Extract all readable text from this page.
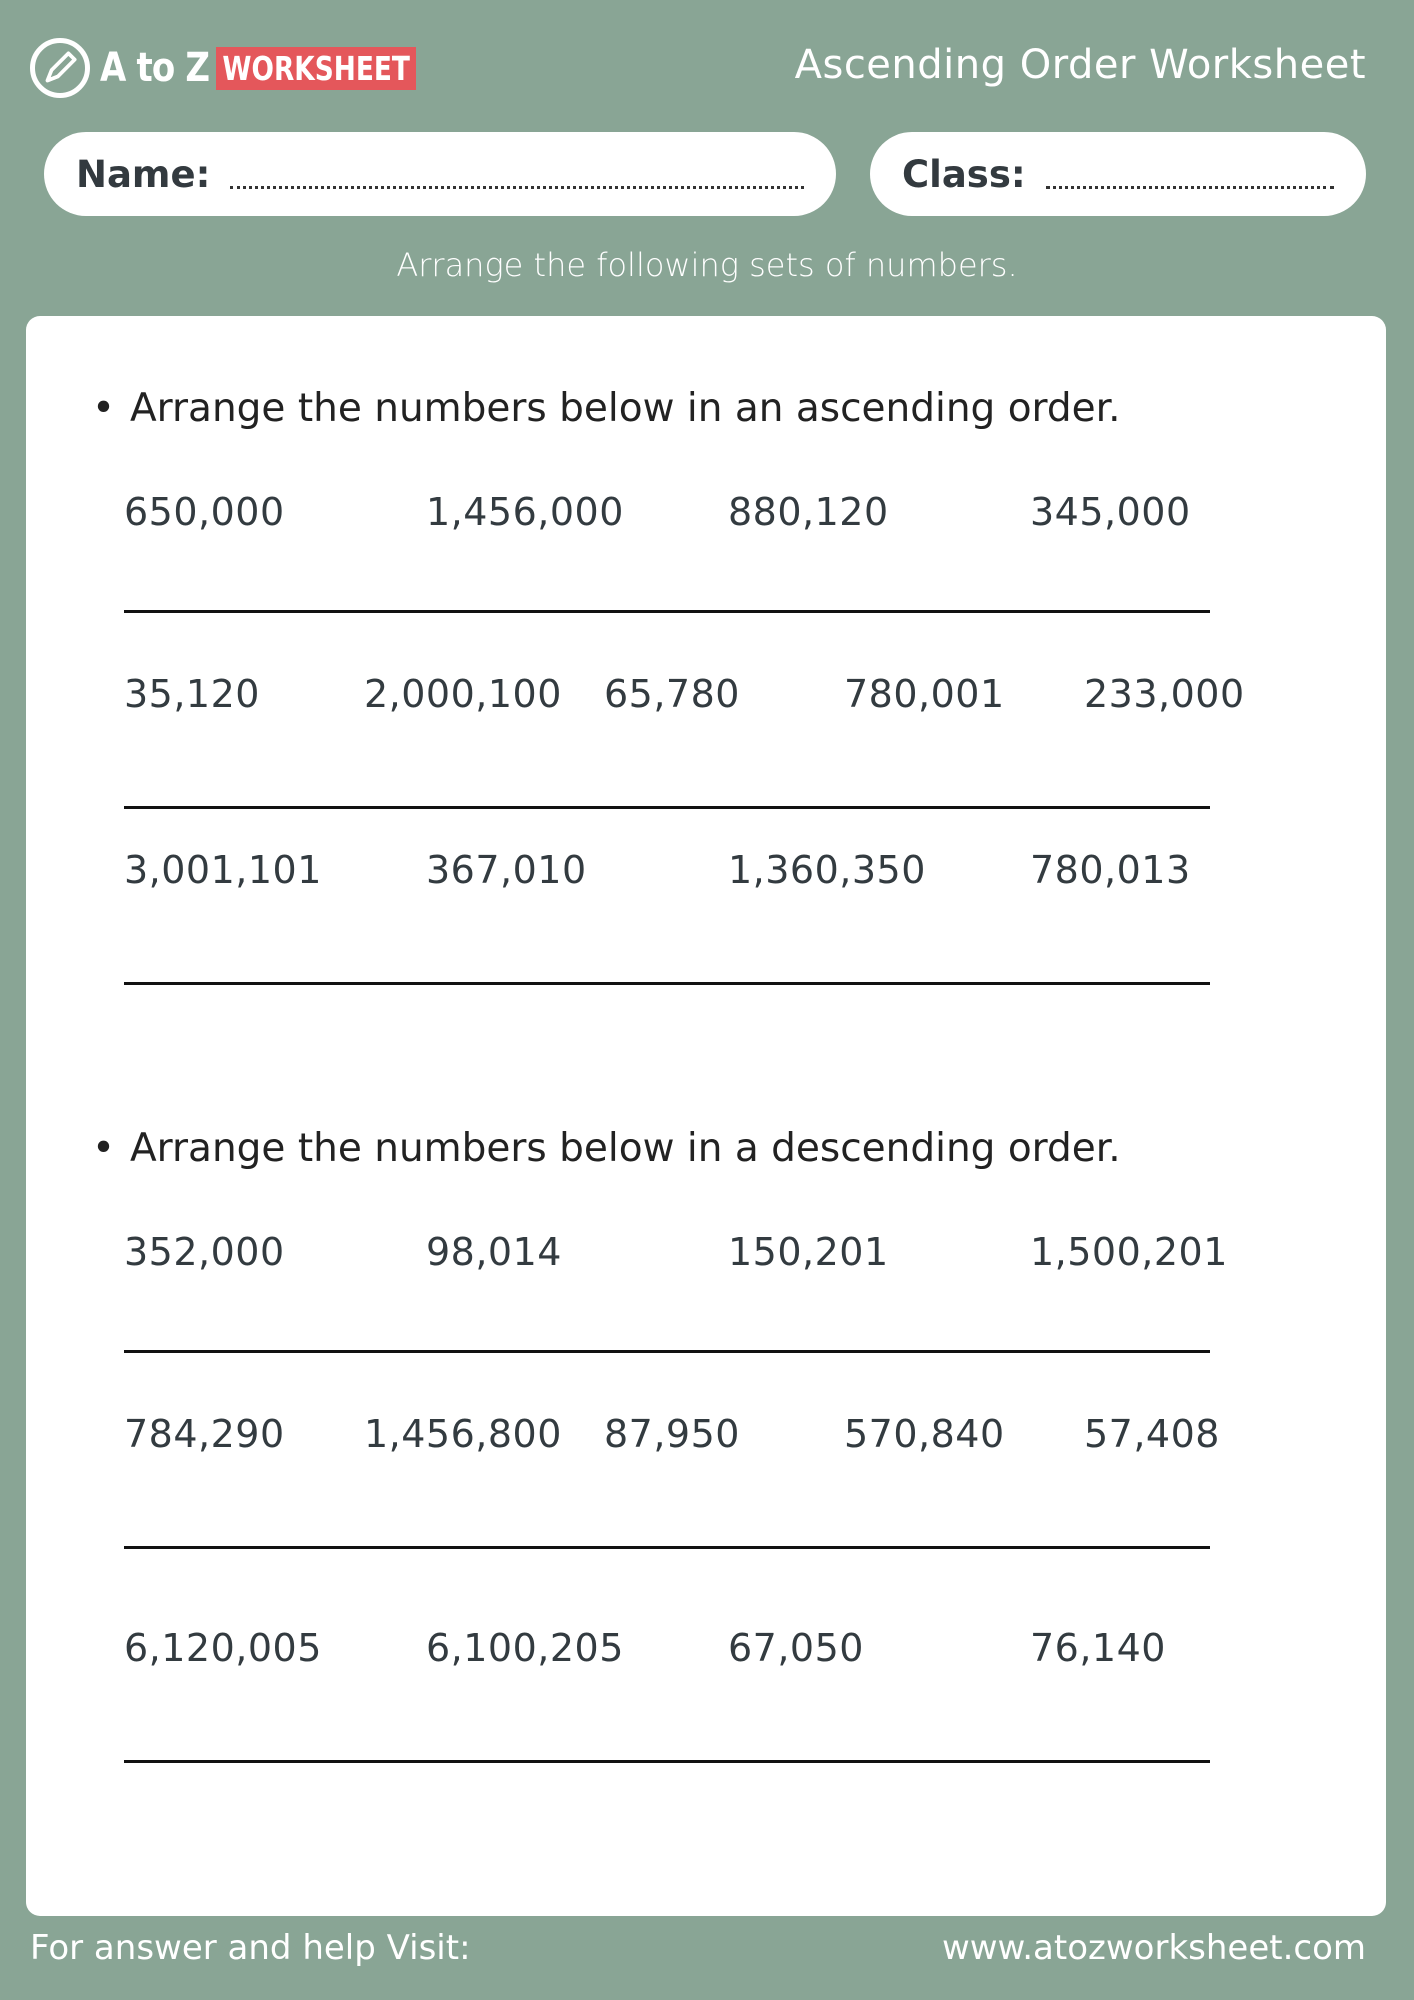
A to Z WORKSHEET	Ascending Order Worksheet
Name:	Class:
Arrange the following sets of numbers.
• Arrange the numbers below in an ascending order.
650,000	1,456,000	880,120	345,000
35,120	2,000,100 65,780	780,001 233,000
3,001,101	367,010	1,360,350	780,013
• Arrange the numbers below in a descending order.
352,000	98,014	150,201	1,500,201
784,290 1,456,800 87,950	570,840 57,408
6,120,005	6,100,205	67,050	76,140
For answer and help Visit:	www.atozworksheet.com
